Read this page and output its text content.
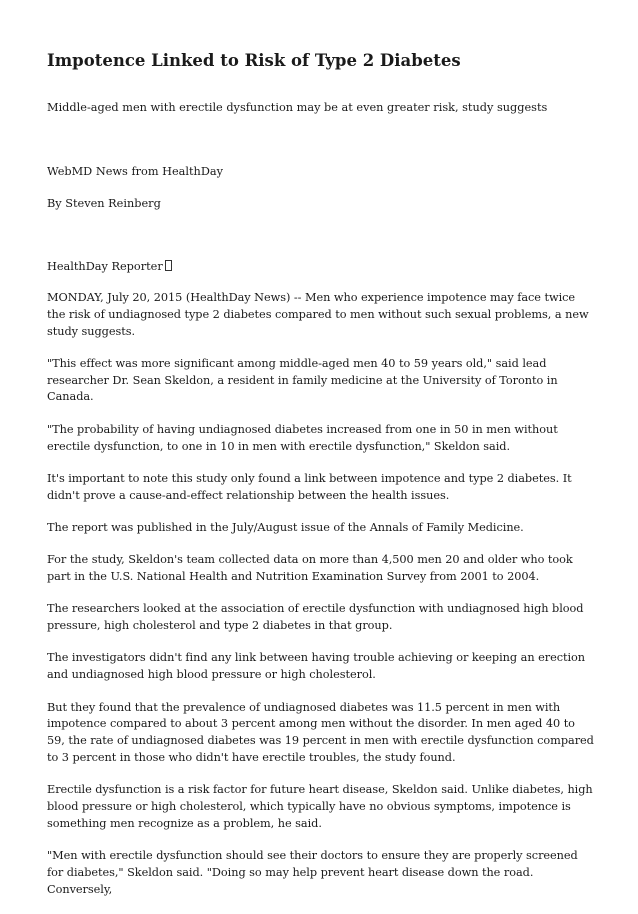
Impotence Linked to Risk of Type 2 Diabetes

Middle-aged men with erectile dysfunction may be at even greater risk, study suggests

WebMD News from HealthDay

By Steven Reinberg

HealthDay Reporter

MONDAY, July 20, 2015 (HealthDay News) -- Men who experience impotence may face twice the risk of undiagnosed type 2 diabetes compared to men without such sexual problems, a new study suggests.

"This effect was more significant among middle-aged men 40 to 59 years old," said lead researcher Dr. Sean Skeldon, a resident in family medicine at the University of Toronto in Canada.

"The probability of having undiagnosed diabetes increased from one in 50 in men without erectile dysfunction, to one in 10 in men with erectile dysfunction," Skeldon said.

It's important to note this study only found a link between impotence and type 2 diabetes. It didn't prove a cause-and-effect relationship between the health issues.

The report was published in the July/August issue of the Annals of Family Medicine.

For the study, Skeldon's team collected data on more than 4,500 men 20 and older who took part in the U.S. National Health and Nutrition Examination Survey from 2001 to 2004.

The researchers looked at the association of erectile dysfunction with undiagnosed high blood pressure, high cholesterol and type 2 diabetes in that group.

The investigators didn't find any link between having trouble achieving or keeping an erection and undiagnosed high blood pressure or high cholesterol.

But they found that the prevalence of undiagnosed diabetes was 11.5 percent in men with impotence compared to about 3 percent among men without the disorder. In men aged 40 to 59, the rate of undiagnosed diabetes was 19 percent in men with erectile dysfunction compared to 3 percent in those who didn't have erectile troubles, the study found.

Erectile dysfunction is a risk factor for future heart disease, Skeldon said. Unlike diabetes, high blood pressure or high cholesterol, which typically have no obvious symptoms, impotence is something men recognize as a problem, he said.

"Men with erectile dysfunction should see their doctors to ensure they are properly screened for diabetes," Skeldon said. "Doing so may help prevent heart disease down the road. Conversely,
